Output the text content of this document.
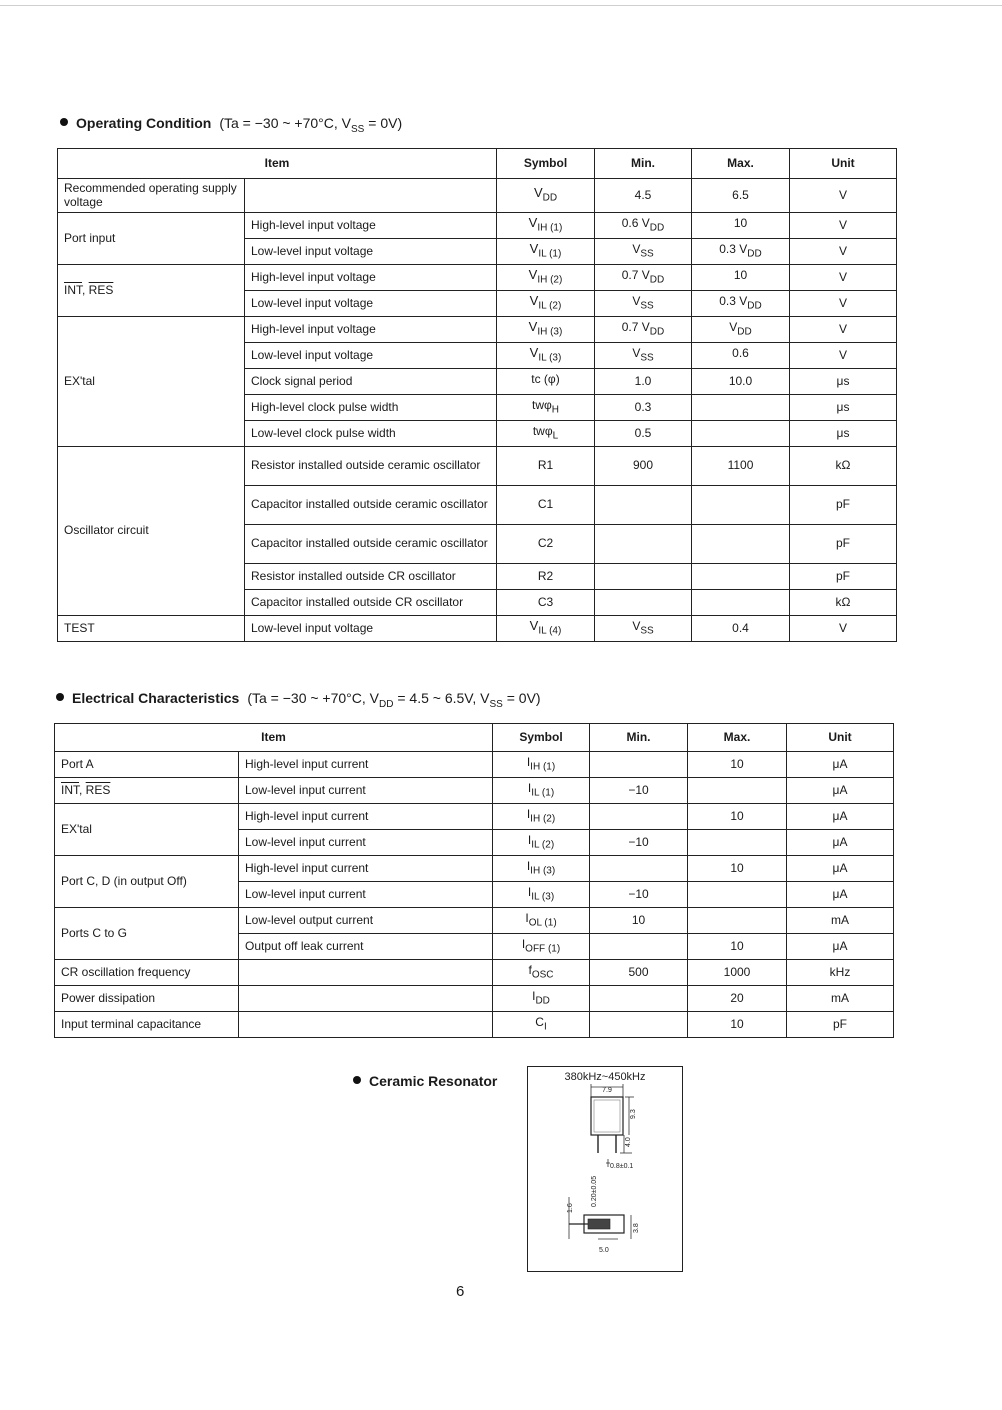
Operating Condition (Ta = −30 ~ +70°C, $V_{SS} = 0V$)
Item		Symbol	Min.	Max.	Unit
Recommended operating supply voltage		$V_{DD}$	4.5	6.5	V
Port input	High-level input voltage	$V_{IH (1)}$	0.6 $V_{DD}$	10	V
	Low-level input voltage	$V_{IL (1)}$	$V_{SS}$	0.3 $V_{DD}$	V
$\overline{INT}$, $\overline{RES}$	High-level input voltage	$V_{IH (2)}$	0.7 $V_{DD}$	10	V
	Low-level input voltage	$V_{IL (2)}$	$V_{SS}$	0.3 $V_{DD}$	V
EX'tal	High-level input voltage	$V_{IH (3)}$	0.7 $V_{DD}$	$V_{DD}$	V
	Low-level input voltage	$V_{IL (3)}$	$V_{SS}$	0.6	V
	Clock signal period	tc (φ)	1.0	10.0	μs
	High-level clock pulse width	twφ$_H$	0.3		μs
	Low-level clock pulse width	twφ$_L$	0.5		μs
Oscillator circuit	Resistor installed outside ceramic oscillator	R1	900	1100	kΩ
	Capacitor installed outside ceramic oscillator	C1			pF
	Capacitor installed outside ceramic oscillator	C2			pF
	Resistor installed outside CR oscillator	R2			pF
	Capacitor installed outside CR oscillator	C3			kΩ
TEST	Low-level input voltage	$V_{IL (4)}$	$V_{SS}$	0.4	V
Electrical Characteristics (Ta = −30 ~ +70°C, $V_{DD} = 4.5$ ~ 6.5V, $V_{SS} = 0V$)
Item		Symbol	Min.	Max.	Unit
Port A	High-level input current	$I_{IH (1)}$		10	μA
$\overline{INT}$, $\overline{RES}$	Low-level input current	$I_{IL (1)}$	−10		μA
EX'tal	High-level input current	$I_{IH (2)}$		10	μA
	Low-level input current	$I_{IL (2)}$	−10		μA
Port C, D (in output Off)	High-level input current	$I_{IH (3)}$		10	μA
	Low-level input current	$I_{IL (3)}$	−10		μA
Ports C to G	Low-level output current	$I_{OL (1)}$	10		mA
	Output off leak current	$I_{OFF (1)}$		10	μA
CR oscillation frequency		$f_{OSC}$	500	1000	kHz
Power dissipation		$I_{DD}$		20	mA
Input terminal capacitance		$C_I$		10	pF
Ceramic Resonator	380kHz~450kHz
7.9
9.3
4.0
0.8±0.1
0.20±0.05
1.6
3.8
5.0
6
